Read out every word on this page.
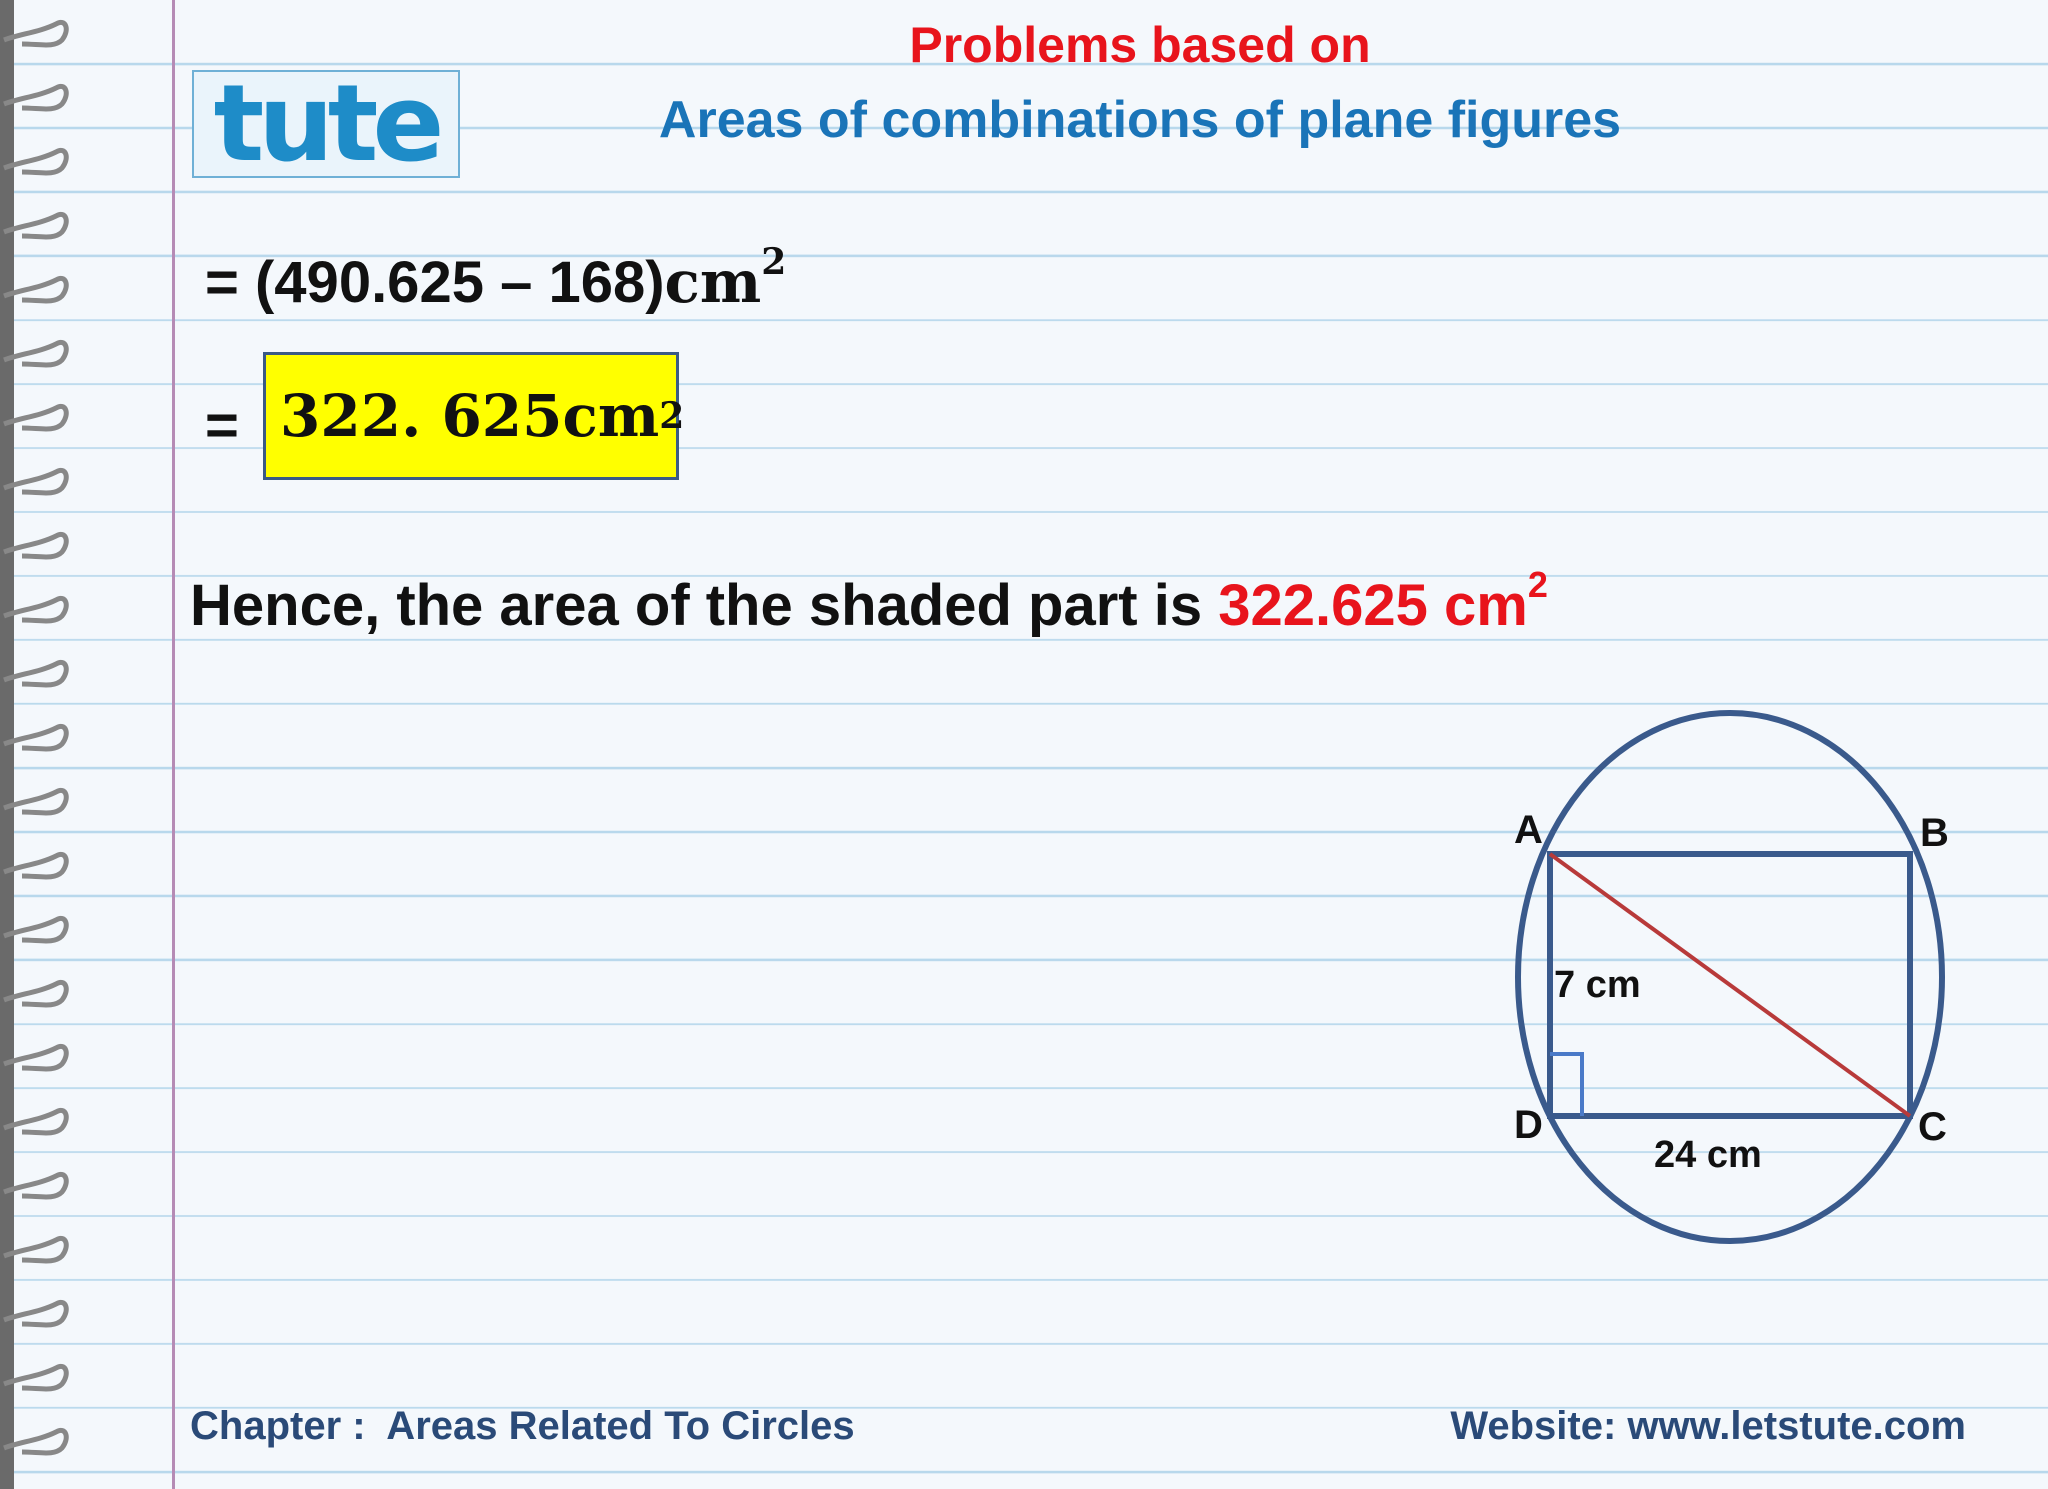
tute
Problems based on
Areas of combinations of plane figures
= $(490.625 - 168)cm^2$
= 322. 625cm 2
Hence, the area of the shaded part is 322.625 $cm^2$
A	B
C
D
7 cm
24 cm
Chapter :  Areas Related To Circles	Website: www.letstute.com
